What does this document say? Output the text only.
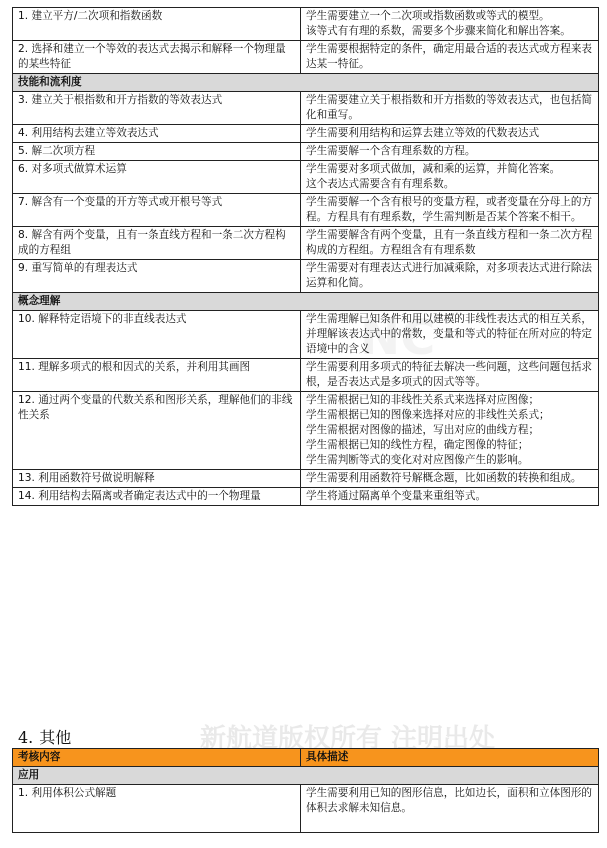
NC
新航道版权所有 注明出处
1. 建立平方/二次项和指数函数	学生需要建立一个二次项或指数函数或等式的模型。
该等式有有理的系数，需要多个步骤来简化和解出答案。

2. 选择和建立一个等效的表达式去揭示和解释一个物理量的某些特征	学生需要根据特定的条件，确定用最合适的表达式或方程来表达某一特征。

技能和流利度	
3. 建立关于根指数和开方指数的等效表达式	学生需要建立关于根指数和开方指数的等效表达式，也包括简化和重写。

4. 利用结构去建立等效表达式	学生需要利用结构和运算去建立等效的代数表达式

5. 解二次项方程	学生需要解一个含有理系数的方程。

6. 对多项式做算术运算	学生需要对多项式做加，减和乘的运算，并简化答案。
这个表达式需要含有有理系数。

7. 解含有一个变量的开方等式或开根号等式	学生需要解一个含有根号的变量方程，或者变量在分母上的方程。方程具有有理系数，学生需判断是否某个答案不相干。

8. 解含有两个变量，且有一条直线方程和一条二次方程构成的方程组	学生需要解含有两个变量，且有一条直线方程和一条二次方程构成的方程组。方程组含有有理系数

9. 重写简单的有理表达式	学生需要对有理表达式进行加减乘除，对多项表达式进行除法运算和化简。

概念理解	
10. 解释特定语境下的非直线表达式	学生需理解已知条件和用以建模的非线性表达式的相互关系，并理解该表达式中的常数，变量和等式的特征在所对应的特定语境中的含义

11. 理解多项式的根和因式的关系，并利用其画图	学生需要利用多项式的特征去解决一些问题，这些问题包括求根，是否表达式是多项式的因式等等。

12. 通过两个变量的代数关系和图形关系，理解他们的非线性关系	学生需根据已知的非线性关系式来选择对应图像；
学生需根据已知的图像来选择对应的非线性关系式；
学生需根据对图像的描述，写出对应的曲线方程；
学生需根据已知的线性方程，确定图像的特征；
学生需判断等式的变化对对应图像产生的影响。

13. 利用函数符号做说明解释	学生需要利用函数符号解概念题，比如函数的转换和组成。

14. 利用结构去隔离或者确定表达式中的一个物理量	学生将通过隔离单个变量来重组等式。
4. 其他
考核内容	具体描述
应用	
1. 利用体积公式解题	学生需要利用已知的图形信息，比如边长，面积和立体图形的体积去求解未知信息。
